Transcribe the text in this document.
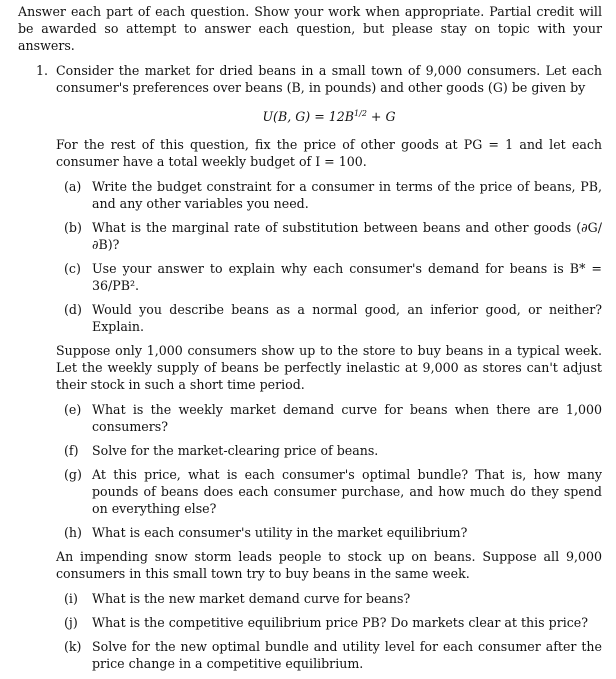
Answer each part of each question. Show your work when appropriate. Partial credit will be awarded so attempt to answer each question, but please stay on topic with your answers.

1. Consider the market for dried beans in a small town of 9,000 consumers. Let each consumer's preferences over beans (B, in pounds) and other goods (G) be given by

U(B, $G) = 12B^{1/2} + G$

For the rest of this question, fix the price of other goods at PG = 1 and let each consumer have a total weekly budget of I = 100.

(a) Write the budget constraint for a consumer in terms of the price of beans, PB, and any other variables you need.
(b) What is the marginal rate of substitution between beans and other goods (∂G/∂B)?
(c) Use your answer to explain why each consumer's demand for beans is B* = 36/PB².
(d) Would you describe beans as a normal good, an inferior good, or neither? Explain.

Suppose only 1,000 consumers show up to the store to buy beans in a typical week. Let the weekly supply of beans be perfectly inelastic at 9,000 as stores can't adjust their stock in such a short time period.

(e) What is the weekly market demand curve for beans when there are 1,000 consumers?
(f)	Solve for the market-clearing price of beans.
(g) At this price, what is each consumer's optimal bundle? That is, how many pounds of beans does each consumer purchase, and how much do they spend on everything else?
(h) What is each consumer's utility in the market equilibrium?

An impending snow storm leads people to stock up on beans. Suppose all 9,000 consumers in this small town try to buy beans in the same week.

(i)	What is the new market demand curve for beans?
(j)	What is the competitive equilibrium price PB? Do markets clear at this price?
(k) Solve for the new optimal bundle and utility level for each consumer after the price change in a competitive equilibrium.
